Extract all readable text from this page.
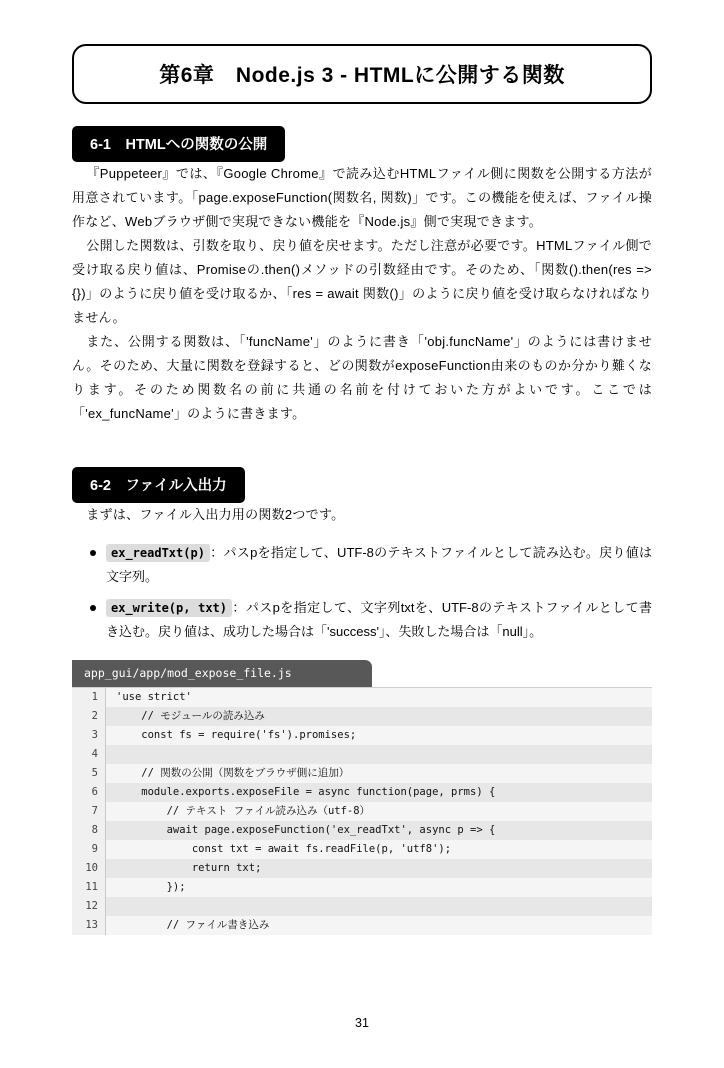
第6章　Node.js 3 - HTMLに公開する関数
6-1　HTMLへの関数の公開

『Puppeteer』では、『Google Chrome』で読み込むHTMLファイル側に関数を公開する方法が用意されています。「page.exposeFunction(関数名, 関数)」です。この機能を使えば、ファイル操作など、Webブラウザ側で実現できない機能を『Node.js』側で実現できます。

公開した関数は、引数を取り、戻り値を戻せます。ただし注意が必要です。HTMLファイル側で受け取る戻り値は、Promiseの.then()メソッドの引数経由です。そのため、「関数().then(res => {})」のように戻り値を受け取るか、「res = await 関数()」のように戻り値を受け取らなければなりません。

また、公開する関数は、「'funcName'」のように書き「'obj.funcName'」のようには書けません。そのため、大量に関数を登録すると、どの関数がexposeFunction由来のものか分かり難くなります。そのため関数名の前に共通の名前を付けておいた方がよいです。ここでは「'ex_funcName'」のように書きます。

6-2　ファイル入出力

まずは、ファイル入出力用の関数2つです。

ex_readTxt(p) ：パスpを指定して、UTF-8のテキストファイルとして読み込む。戻り値は文字列。
ex_write(p, txt) ：パスpを指定して、文字列txtを、UTF-8のテキストファイルとして書き込む。戻り値は、成功した場合は「'success'」、失敗した場合は「null」。
app_gui/app/mod_expose_file.js
1	'use strict'
2	// モジュールの読み込み
3	const fs = require('fs').promises;
4
5	// 関数の公開（関数をブラウザ側に追加）
6	module.exports.exposeFile = async function(page, prms) {
7	// テキスト ファイル読み込み（utf-8）
8	await page.exposeFunction('ex_readTxt', async p => {
9	const txt = await fs.readFile(p, 'utf8');
10	return txt;
11	});
12
13	// ファイル書き込み
31
